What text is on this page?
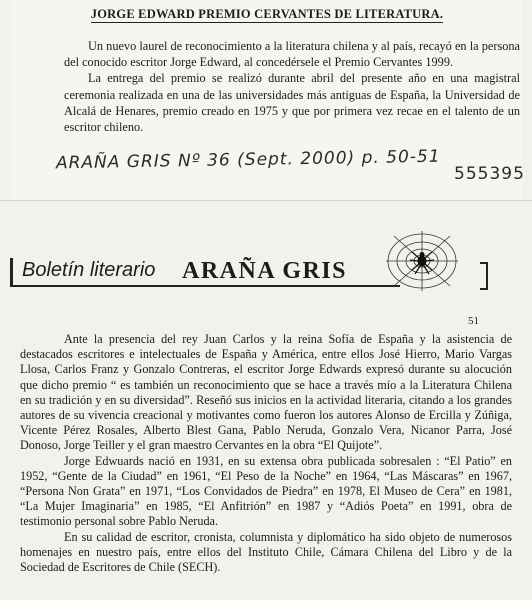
JORGE EDWARD PREMIO CERVANTES DE LITERATURA.

Un nuevo laurel de reconocimiento a la literatura chilena y al país, recayó en la persona del conocido escritor Jorge Edward, al concedérsele el Premio Cervantes 1999.

La entrega del premio se realizó durante abril del presente año en una magistral ceremonia realizada en una de las universidades más antiguas de España, la Universidad de Alcalá de Henares, premio creado en 1975 y que por primera vez recae en el talento de un escritor chileno.

ARAÑA GRIS Nº 36 (Sept. 2000) p. 50-51
555395
Boletín literario ARAÑA GRIS
51

Ante la presencia del rey Juan Carlos y la reina Sofía de España y la asistencia de destacados escritores e intelectuales de España y América, entre ellos José Hierro, Mario Vargas Llosa, Carlos Franz y Gonzalo Contreras, el escritor Jorge Edwards expresó durante su alocución que dicho premio “ es también un reconocimiento que se hace a través mío a la Literatura Chilena en su tradición y en su diversidad”. Reseñó sus inicios en la actividad literaria, citando a los grandes autores de su vivencia creacional y motivantes como fueron los autores Alonso de Ercilla y Zúñiga, Vicente Pérez Rosales, Alberto Blest Gana, Pablo Neruda, Gonzalo Vera, Nicanor Parra, José Donoso, Jorge Teiller y el gran maestro Cervantes en la obra “El Quijote”.

Jorge Edwuards nació en 1931, en su extensa obra publicada sobresalen : “El Patio” en 1952, “Gente de la Ciudad” en 1961, “El Peso de la Noche” en 1964, “Las Máscaras” en 1967, “Persona Non Grata” en 1971, “Los Convidados de Piedra” en 1978, El Museo de Cera” en 1981, “La Mujer Imaginaria” en 1985, “El Anfitrión” en 1987 y “Adiós Poeta” en 1991, obra de testimonio personal sobre Pablo Neruda.

En su calidad de escritor, cronista, columnista y diplomático ha sido objeto de numerosos homenajes en nuestro país, entre ellos del Instituto Chile, Cámara Chilena del Libro y de la Sociedad de Escritores de Chile (SECH).
